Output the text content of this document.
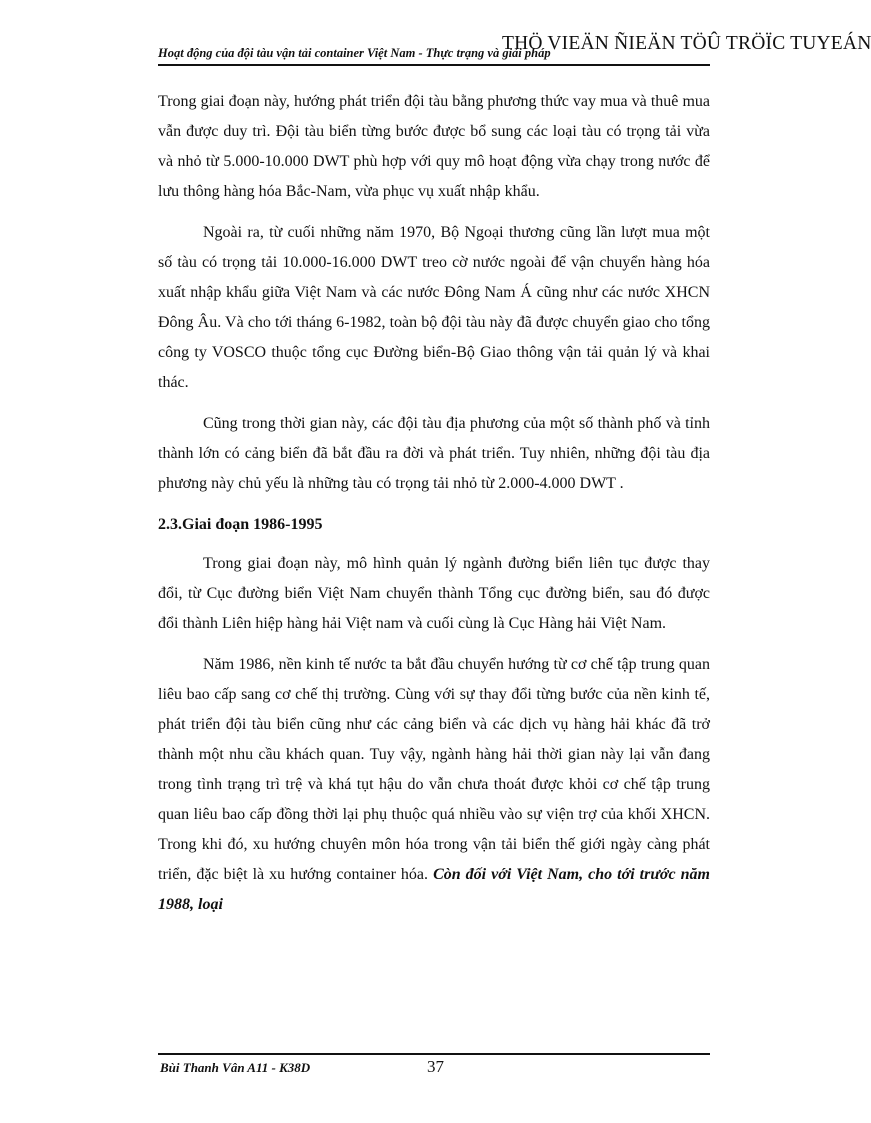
Hoạt động của đội tàu vận tải container Việt Nam - Thực trạng và giải pháp
THÖ VIEÄN ÑIEÄN TÖÛ TRÖÏC TUYEÁN

Trong giai đoạn này, hướng phát triển đội tàu bằng phương thức vay mua và thuê mua vẫn được duy trì. Đội tàu biển từng bước được bổ sung các loại tàu có trọng tải vừa và nhỏ từ 5.000-10.000 DWT phù hợp với quy mô hoạt động vừa chạy trong nước để lưu thông hàng hóa Bắc-Nam, vừa phục vụ xuất nhập khẩu.

Ngoài ra, từ cuối những năm 1970, Bộ Ngoại thương cũng lần lượt mua một số tàu có trọng tải 10.000-16.000 DWT treo cờ nước ngoài để vận chuyển hàng hóa xuất nhập khẩu giữa Việt Nam và các nước Đông Nam Á cũng như các nước XHCN Đông Âu. Và cho tới tháng 6-1982, toàn bộ đội tàu này đã được chuyển giao cho tổng công ty VOSCO thuộc tổng cục Đường biển-Bộ Giao thông vận tải quản lý và khai thác.

Cũng trong thời gian này, các đội tàu địa phương của một số thành phố và tỉnh thành lớn có cảng biển đã bắt đầu ra đời và phát triển. Tuy nhiên, những đội tàu địa phương này chủ yếu là những tàu có trọng tải nhỏ từ 2.000-4.000 DWT .

2.3.Giai đoạn 1986-1995

Trong giai đoạn này, mô hình quản lý ngành đường biển liên tục được thay đổi, từ Cục đường biển Việt Nam chuyển thành Tổng cục đường biển, sau đó được đổi thành Liên hiệp hàng hải Việt nam và cuối cùng là Cục Hàng hải Việt Nam.

Năm 1986, nền kinh tế nước ta bắt đầu chuyển hướng từ cơ chế tập trung quan liêu bao cấp sang cơ chế thị trường. Cùng với sự thay đổi từng bước của nền kinh tế, phát triển đội tàu biển cũng như các cảng biển và các dịch vụ hàng hải khác đã trở thành một nhu cầu khách quan. Tuy vậy, ngành hàng hải thời gian này lại vẫn đang trong tình trạng trì trệ và khá tụt hậu do vẫn chưa thoát được khỏi cơ chế tập trung quan liêu bao cấp đồng thời lại phụ thuộc quá nhiều vào sự viện trợ của khối XHCN. Trong khi đó, xu hướng chuyên môn hóa trong vận tải biển thế giới ngày càng phát triển, đặc biệt là xu hướng container hóa. Còn đối với Việt Nam, cho tới trước năm 1988, loại

Bùi Thanh Vân A11 - K38D	37
